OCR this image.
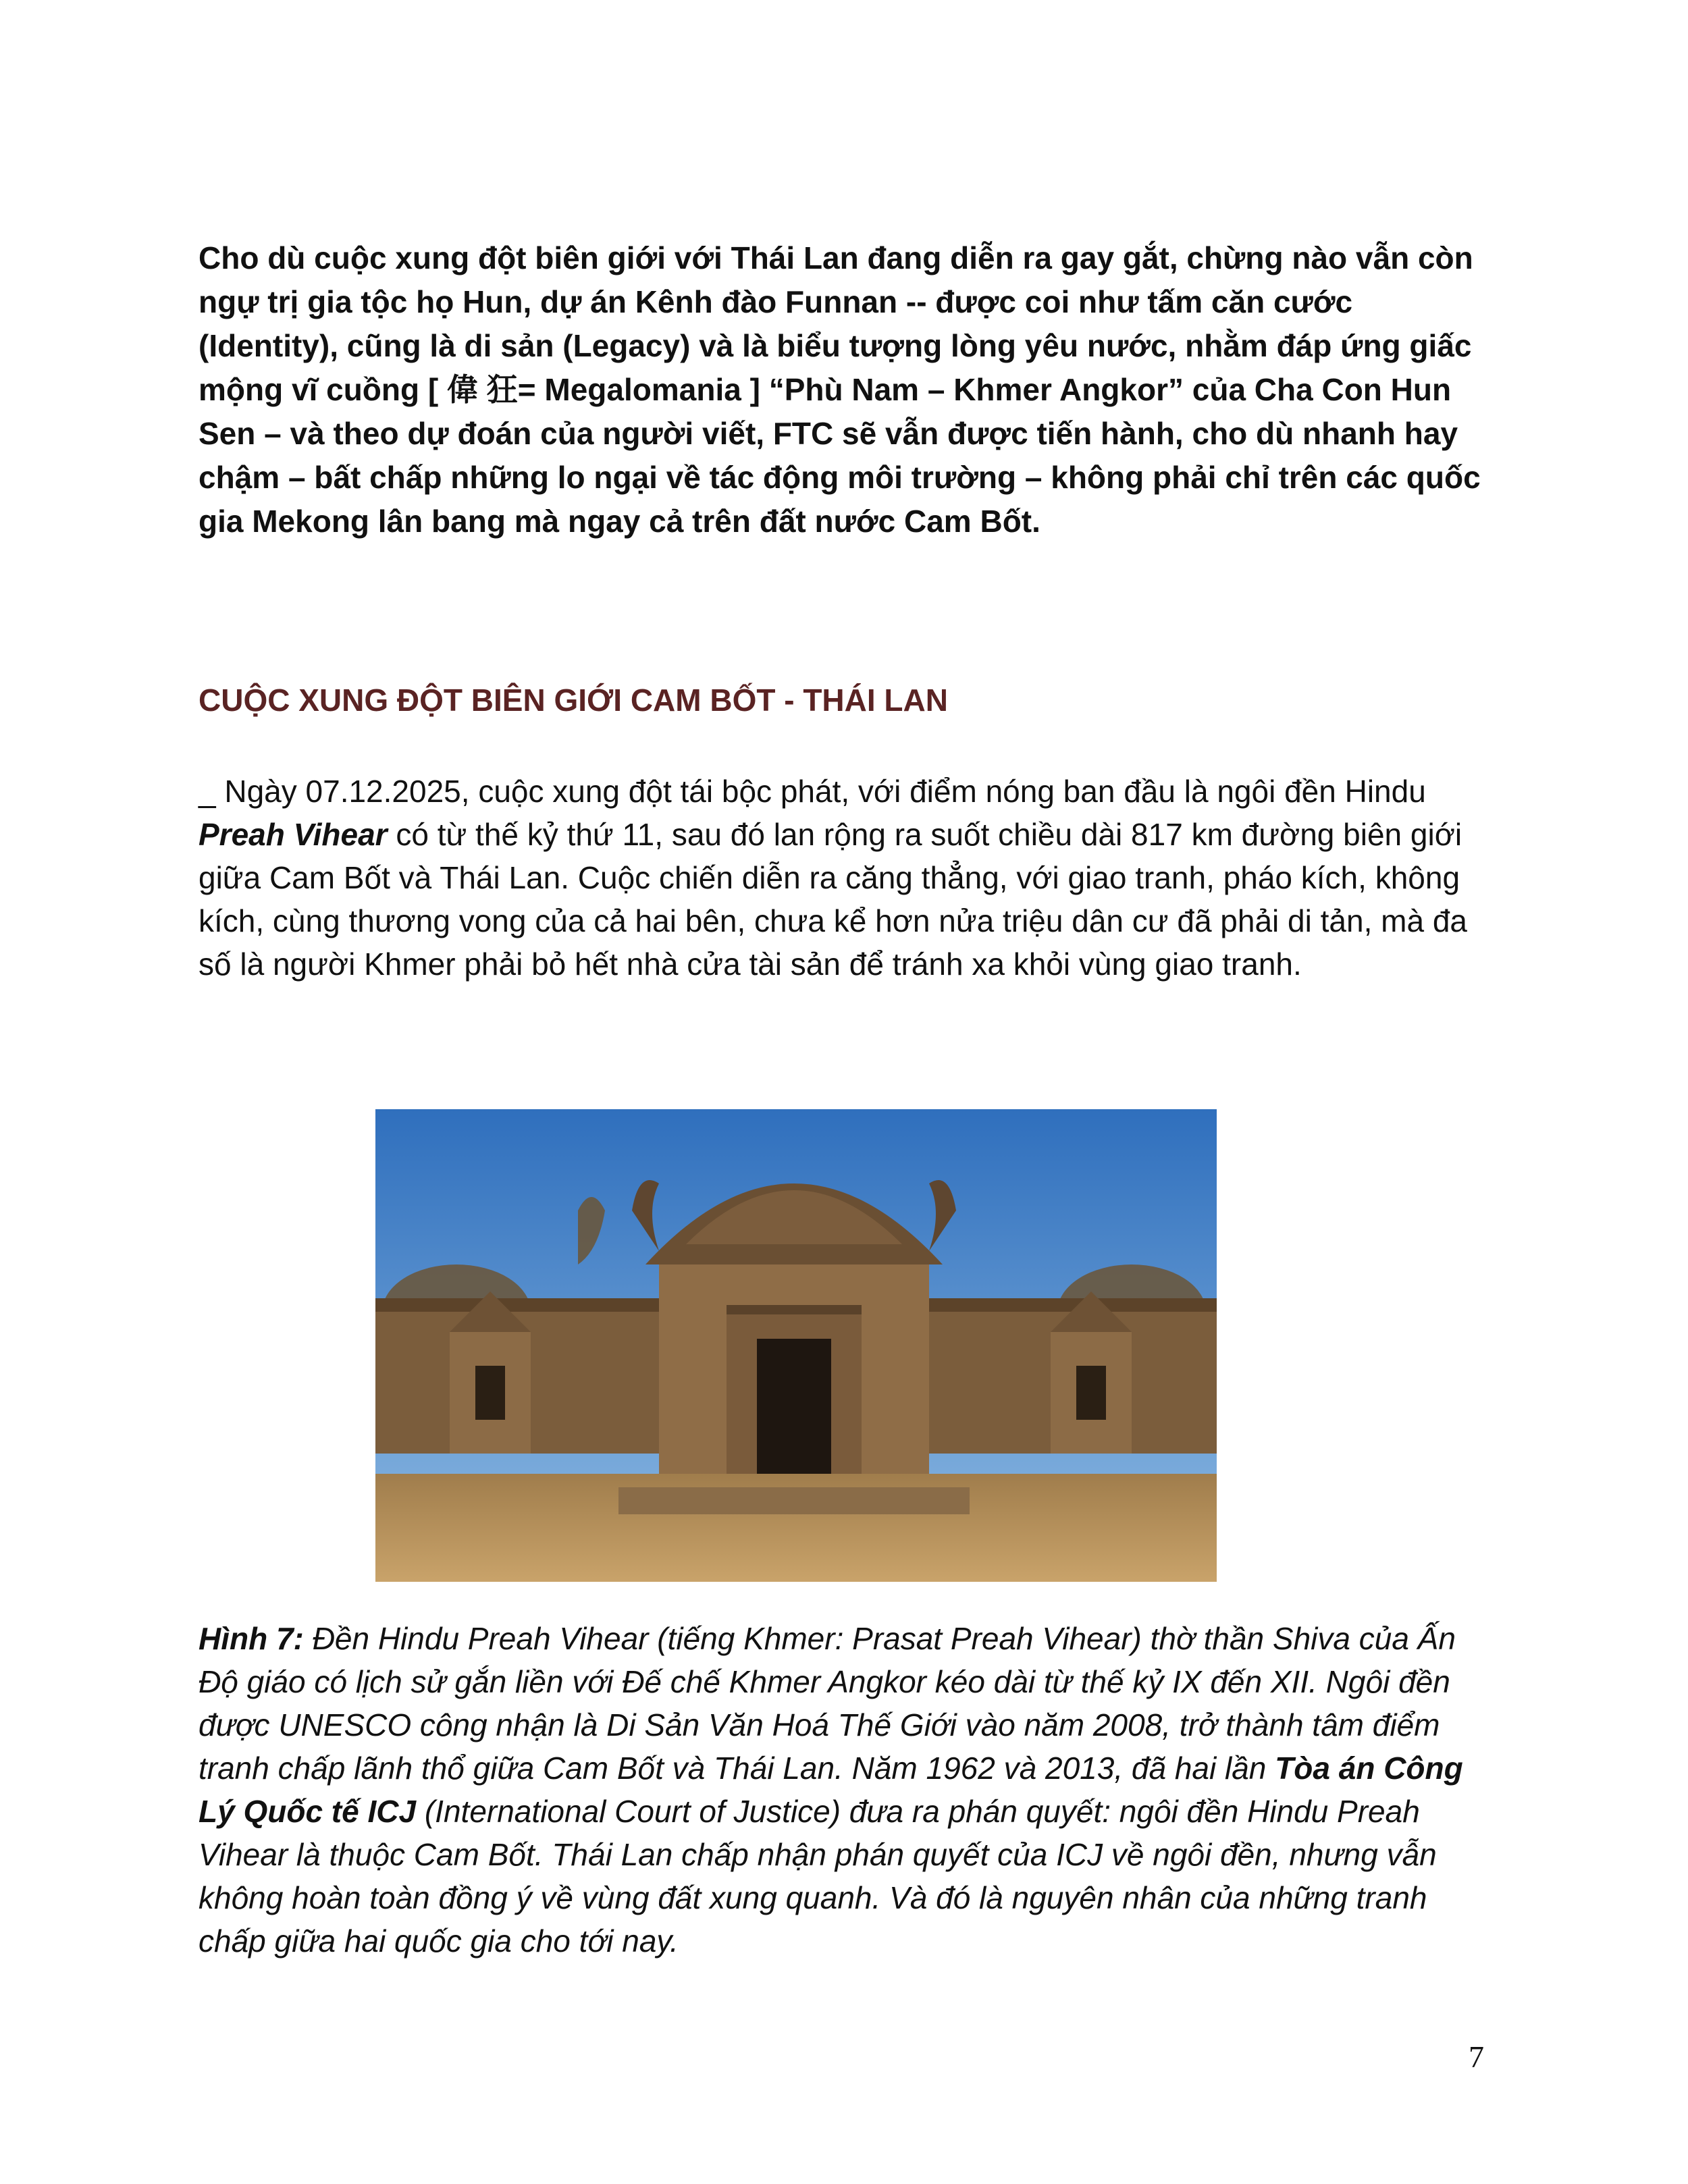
Cho dù cuộc xung đột biên giới với Thái Lan đang diễn ra gay gắt, chừng nào vẫn còn ngự trị gia tộc họ Hun, dự án Kênh đào Funnan -- được coi như tấm căn cước (Identity), cũng là di sản (Legacy) và là biểu tượng lòng yêu nước, nhằm đáp ứng giấc mộng vĩ cuồng [ 偉 狂= Megalomania ] “Phù Nam – Khmer Angkor” của Cha Con Hun Sen – và theo dự đoán của người viết, FTC sẽ vẫn được tiến hành, cho dù nhanh hay chậm – bất chấp những lo ngại về tác động môi trường – không phải chỉ trên các quốc gia Mekong lân bang mà ngay cả trên đất nước Cam Bốt.
CUỘC XUNG ĐỘT BIÊN GIỚI CAM BỐT - THÁI LAN
_ Ngày 07.12.2025, cuộc xung đột tái bộc phát, với điểm nóng ban đầu là ngôi đền Hindu Preah Vihear có từ thế kỷ thứ 11, sau đó lan rộng ra suốt chiều dài 817 km đường biên giới giữa Cam Bốt và Thái Lan. Cuộc chiến diễn ra căng thẳng, với giao tranh, pháo kích, không kích, cùng thương vong của cả hai bên, chưa kể hơn nửa triệu dân cư đã phải di tản, mà đa số là người Khmer phải bỏ hết nhà cửa tài sản để tránh xa khỏi vùng giao tranh.
Hình 7: Đền Hindu Preah Vihear (tiếng Khmer: Prasat Preah Vihear) thờ thần Shiva của Ấn Độ giáo có lịch sử gắn liền với Đế chế Khmer Angkor kéo dài từ thế kỷ IX đến XII. Ngôi đền được UNESCO công nhận là Di Sản Văn Hoá Thế Giới vào năm 2008, trở thành tâm điểm tranh chấp lãnh thổ giữa Cam Bốt và Thái Lan. Năm 1962 và 2013, đã hai lần Tòa án Công Lý Quốc tế ICJ (International Court of Justice) đưa ra phán quyết: ngôi đền Hindu Preah Vihear là thuộc Cam Bốt. Thái Lan chấp nhận phán quyết của ICJ về ngôi đền, nhưng vẫn không hoàn toàn đồng ý về vùng đất xung quanh. Và đó là nguyên nhân của những tranh chấp giữa hai quốc gia cho tới nay.
7
